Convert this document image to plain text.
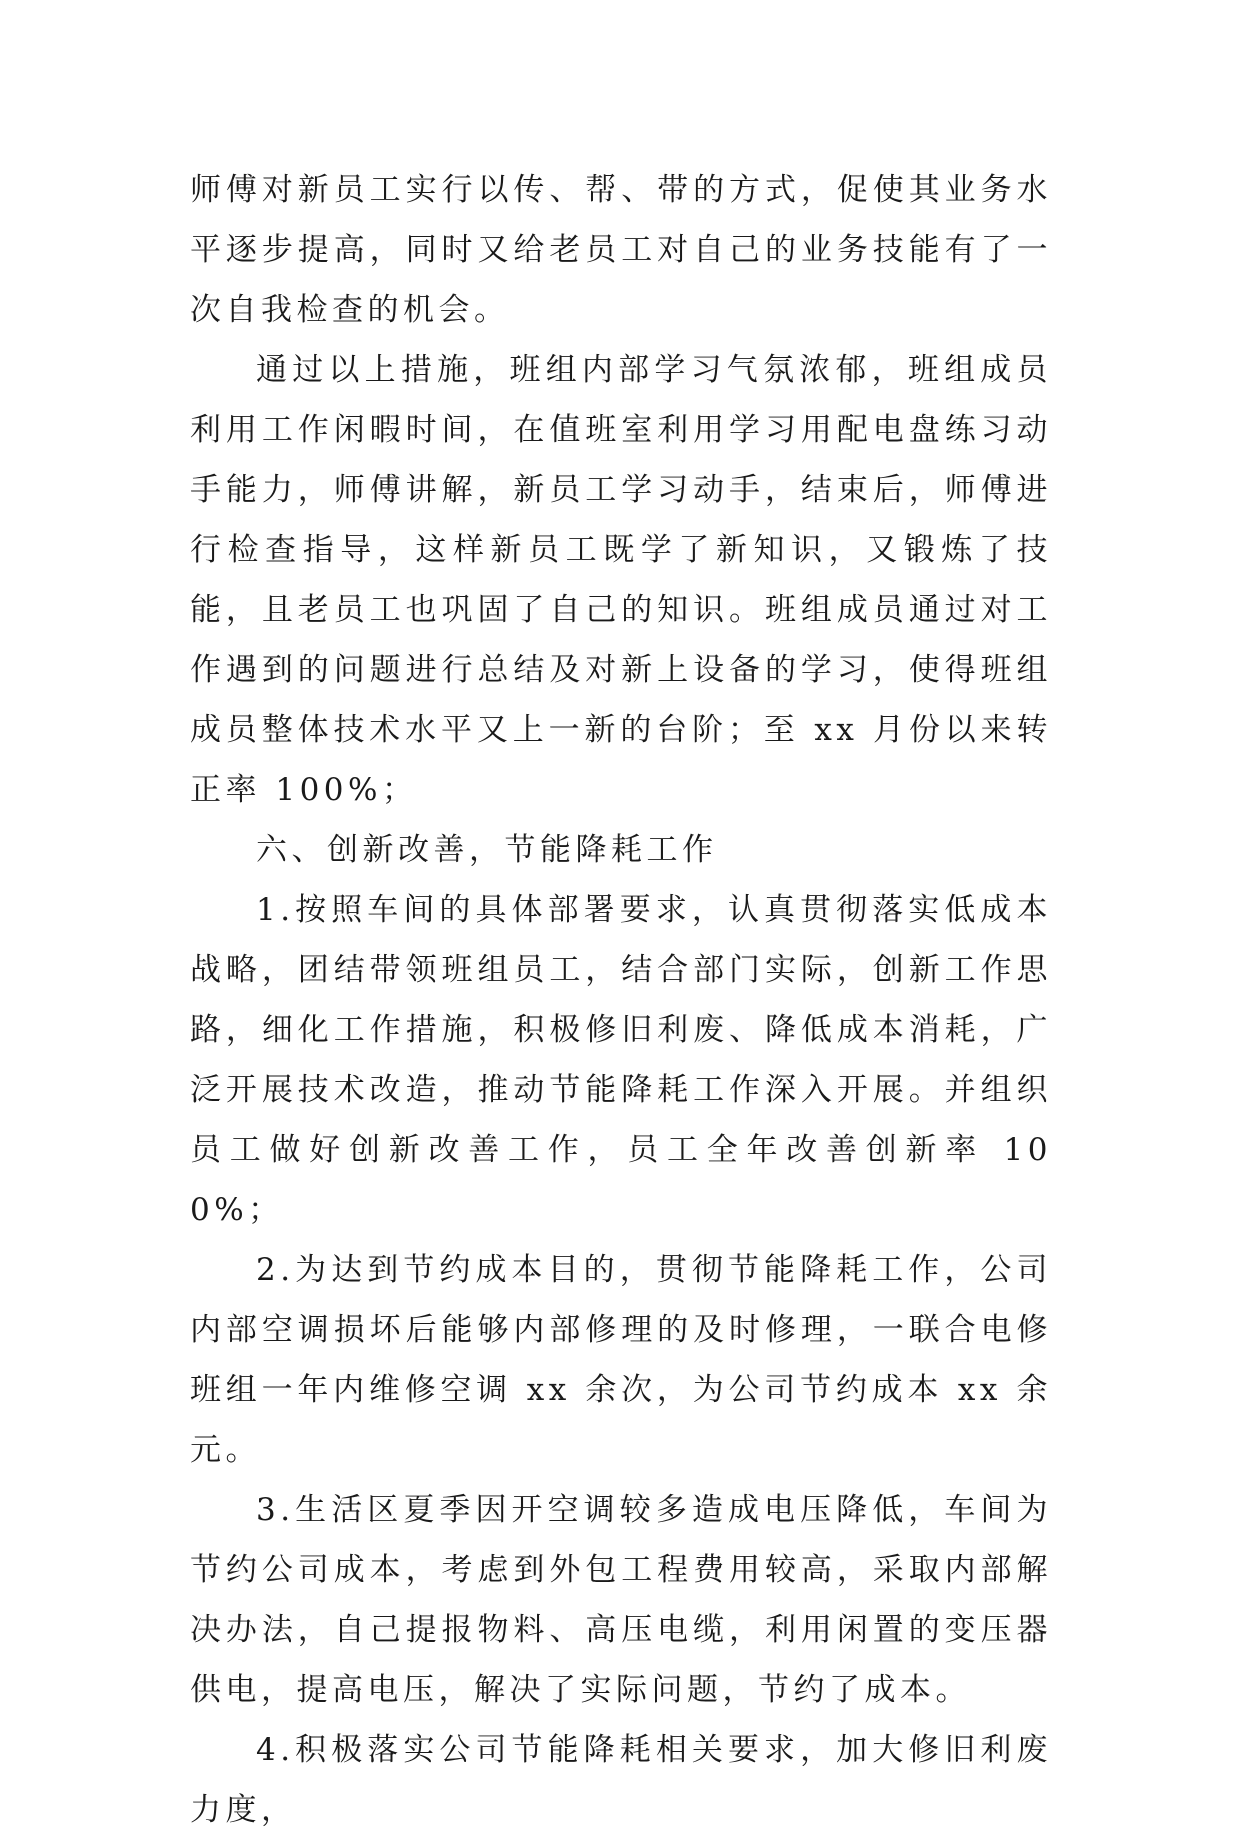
师傅对新员工实行以传、帮、带的方式，促使其业务水平逐步提高，同时又给老员工对自己的业务技能有了一次自我检查的机会。

通过以上措施，班组内部学习气氛浓郁，班组成员利用工作闲暇时间，在值班室利用学习用配电盘练习动手能力，师傅讲解，新员工学习动手，结束后，师傅进行检查指导，这样新员工既学了新知识，又锻炼了技能，且老员工也巩固了自己的知识。班组成员通过对工作遇到的问题进行总结及对新上设备的学习，使得班组成员整体技术水平又上一新的台阶；至 xx 月份以来转正率 100%；

六、创新改善，节能降耗工作

1.按照车间的具体部署要求，认真贯彻落实低成本战略，团结带领班组员工，结合部门实际，创新工作思路，细化工作措施，积极修旧利废、降低成本消耗，广泛开展技术改造，推动节能降耗工作深入开展。并组织员工做好创新改善工作，员工全年改善创新率 100%；

2.为达到节约成本目的，贯彻节能降耗工作，公司内部空调损坏后能够内部修理的及时修理，一联合电修班组一年内维修空调 xx 余次，为公司节约成本 xx 余元。

3.生活区夏季因开空调较多造成电压降低，车间为节约公司成本，考虑到外包工程费用较高，采取内部解决办法，自己提报物料、高压电缆，利用闲置的变压器供电，提高电压，解决了实际问题，节约了成本。

4.积极落实公司节能降耗相关要求，加大修旧利废力度，
